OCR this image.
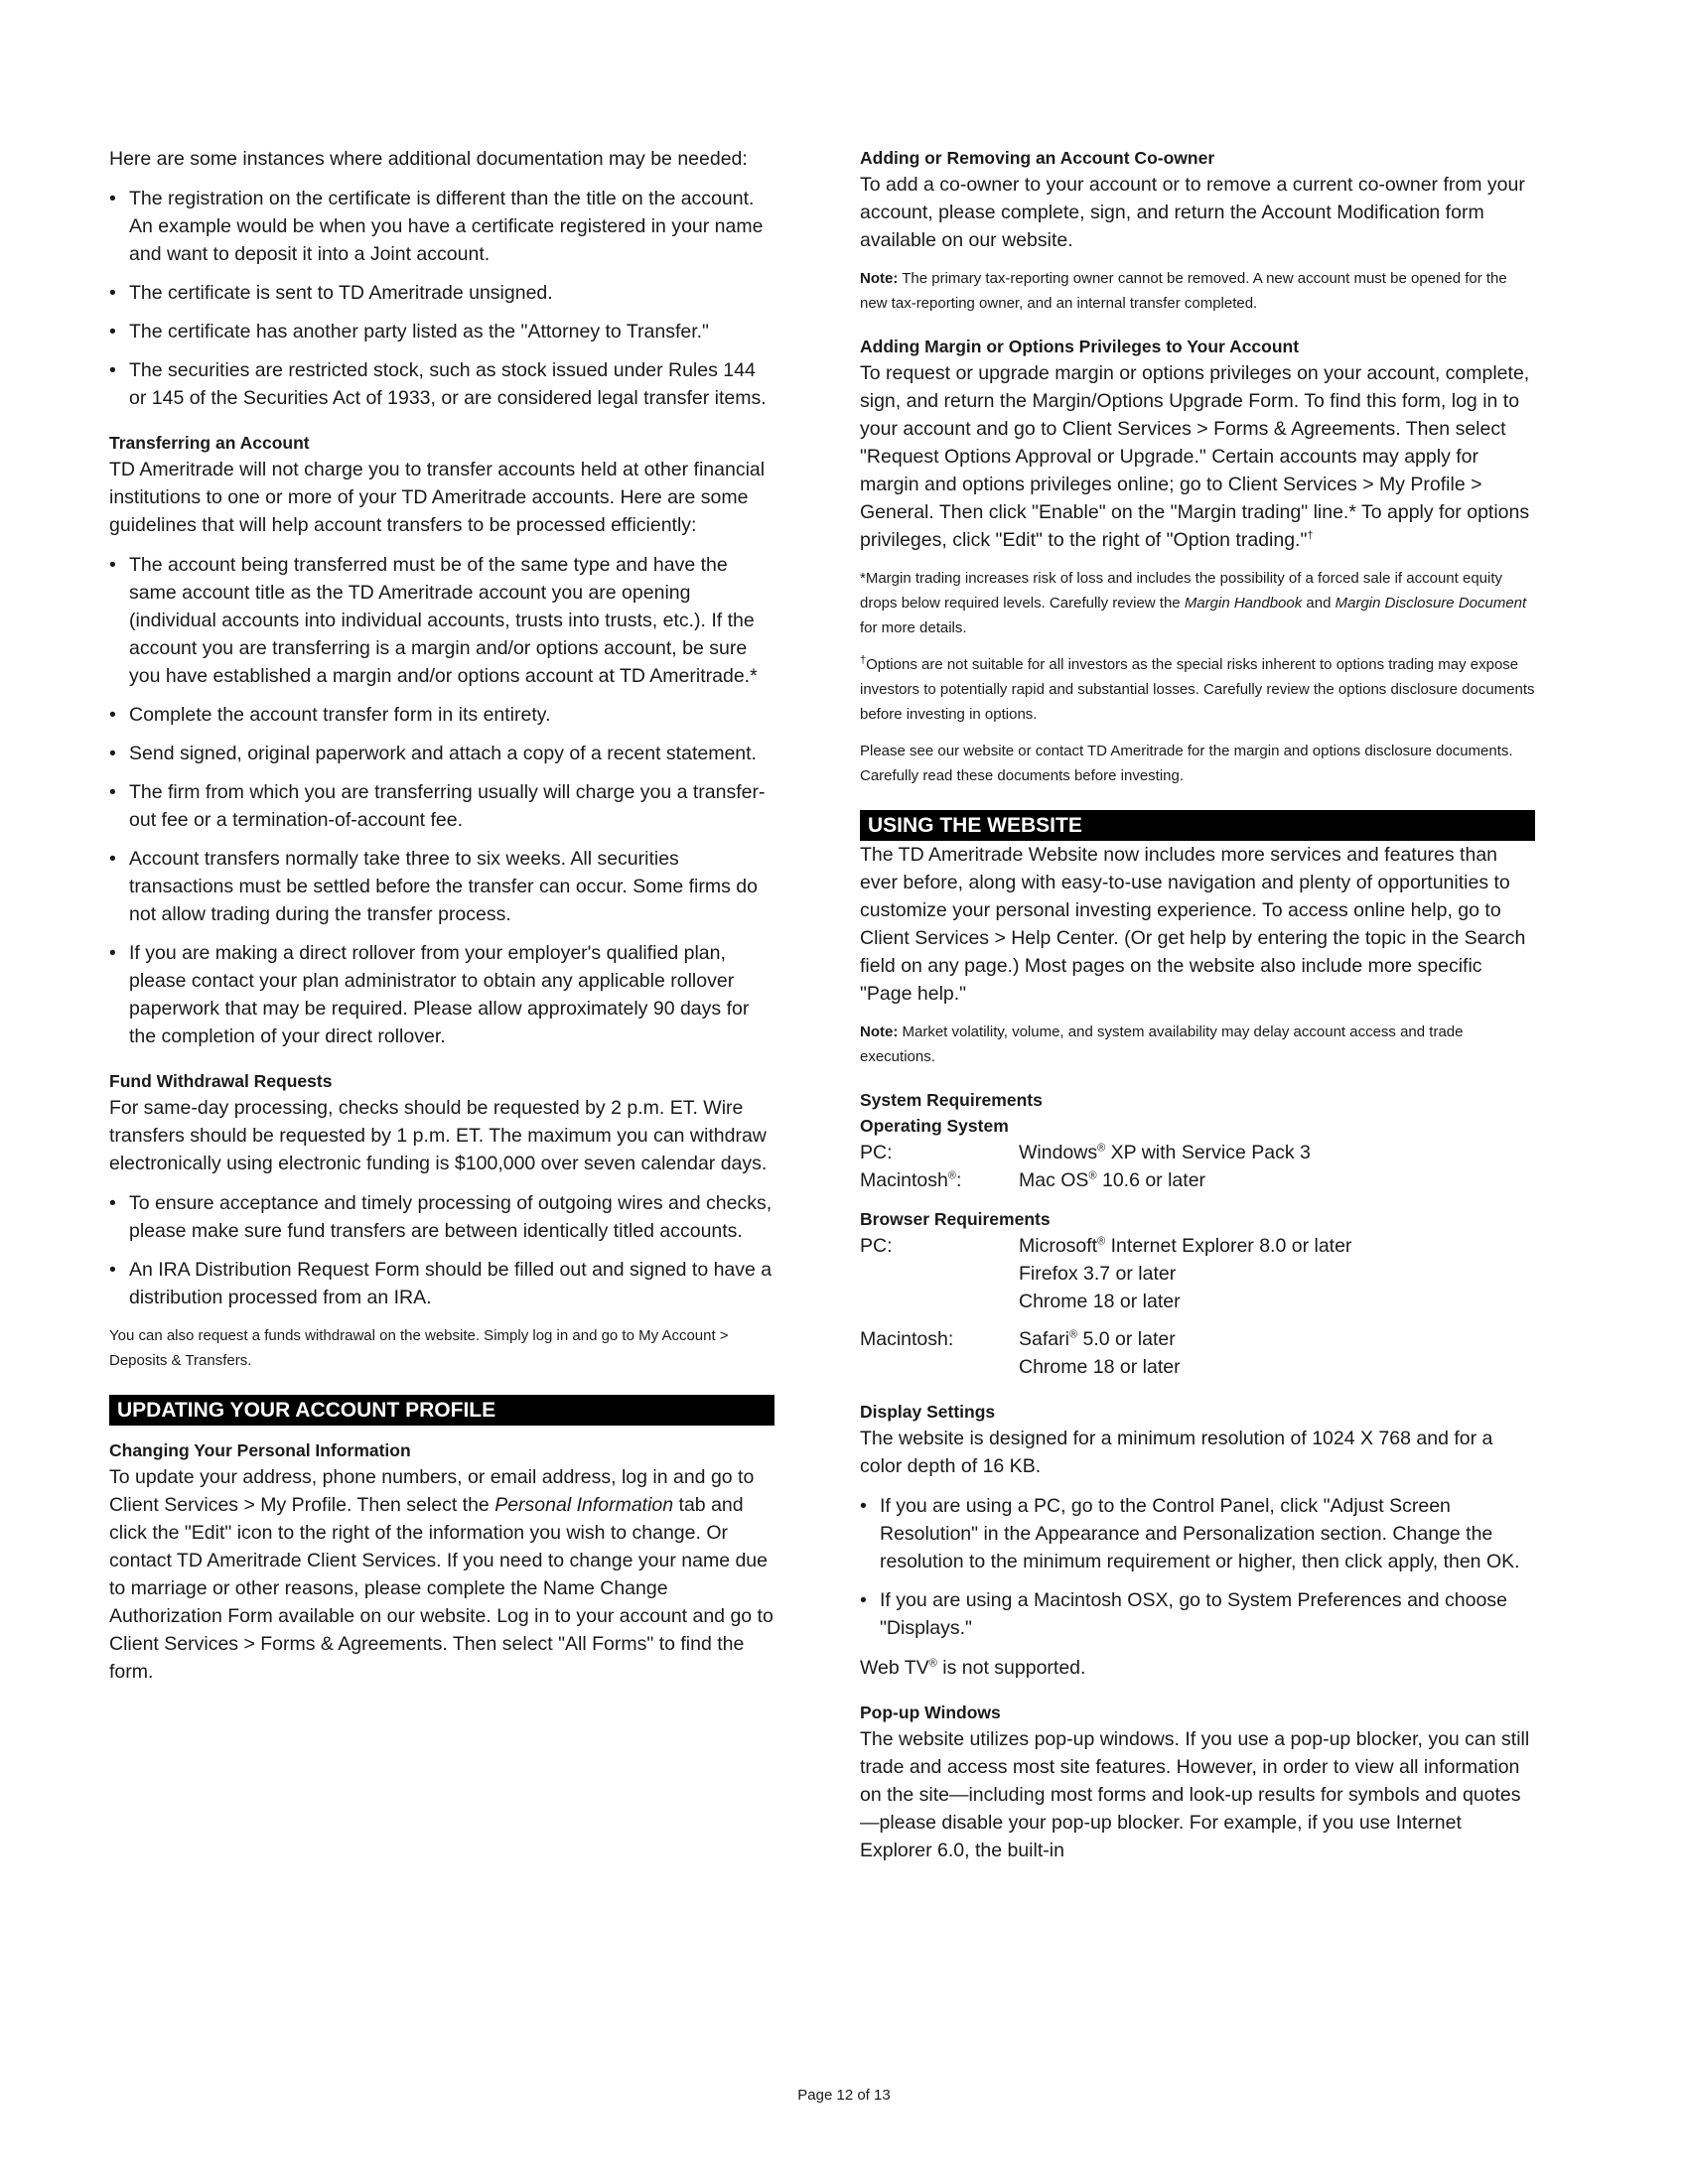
Here are some instances where additional documentation may be needed:

• The registration on the certificate is different than the title on the account. An example would be when you have a certificate registered in your name and want to deposit it into a Joint account.
• The certificate is sent to TD Ameritrade unsigned.
• The certificate has another party listed as the "Attorney to Transfer."
• The securities are restricted stock, such as stock issued under Rules 144 or 145 of the Securities Act of 1933, or are considered legal transfer items.

Transferring an Account

TD Ameritrade will not charge you to transfer accounts held at other financial institutions to one or more of your TD Ameritrade accounts. Here are some guidelines that will help account transfers to be processed efficiently:

• The account being transferred must be of the same type and have the same account title as the TD Ameritrade account you are opening (individual accounts into individual accounts, trusts into trusts, etc.). If the account you are transferring is a margin and/or options account, be sure you have established a margin and/or options account at TD Ameritrade.*
• Complete the account transfer form in its entirety.
• Send signed, original paperwork and attach a copy of a recent statement.
• The firm from which you are transferring usually will charge you a transfer-out fee or a termination-of-account fee.
• Account transfers normally take three to six weeks. All securities transactions must be settled before the transfer can occur. Some firms do not allow trading during the transfer process.
• If you are making a direct rollover from your employer's qualified plan, please contact your plan administrator to obtain any applicable rollover paperwork that may be required. Please allow approximately 90 days for the completion of your direct rollover.

Fund Withdrawal Requests

For same-day processing, checks should be requested by 2 p.m. ET. Wire transfers should be requested by 1 p.m. ET. The maximum you can withdraw electronically using electronic funding is $100,000 over seven calendar days.

• To ensure acceptance and timely processing of outgoing wires and checks, please make sure fund transfers are between identically titled accounts.
• An IRA Distribution Request Form should be filled out and signed to have a distribution processed from an IRA.

You can also request a funds withdrawal on the website. Simply log in and go to My Account > Deposits & Transfers.

UPDATING YOUR ACCOUNT PROFILE

Changing Your Personal Information

To update your address, phone numbers, or email address, log in and go to Client Services > My Profile. Then select the Personal Information tab and click the "Edit" icon to the right of the information you wish to change. Or contact TD Ameritrade Client Services. If you need to change your name due to marriage or other reasons, please complete the Name Change Authorization Form available on our website. Log in to your account and go to Client Services > Forms & Agreements. Then select "All Forms" to find the form.

Adding or Removing an Account Co-owner

To add a co-owner to your account or to remove a current co-owner from your account, please complete, sign, and return the Account Modification form available on our website.

Note: The primary tax-reporting owner cannot be removed. A new account must be opened for the new tax-reporting owner, and an internal transfer completed.

Adding Margin or Options Privileges to Your Account

To request or upgrade margin or options privileges on your account, complete, sign, and return the Margin/Options Upgrade Form. To find this form, log in to your account and go to Client Services > Forms & Agreements. Then select "Request Options Approval or Upgrade." Certain accounts may apply for margin and options privileges online; go to Client Services > My Profile > General. Then click "Enable" on the "Margin trading" line.* To apply for options privileges, click "Edit" to the right of "Option trading."†

*Margin trading increases risk of loss and includes the possibility of a forced sale if account equity drops below required levels. Carefully review the Margin Handbook and Margin Disclosure Document for more details.

†Options are not suitable for all investors as the special risks inherent to options trading may expose investors to potentially rapid and substantial losses. Carefully review the options disclosure documents before investing in options.

Please see our website or contact TD Ameritrade for the margin and options disclosure documents. Carefully read these documents before investing.

USING THE WEBSITE

The TD Ameritrade Website now includes more services and features than ever before, along with easy-to-use navigation and plenty of opportunities to customize your personal investing experience. To access online help, go to Client Services > Help Center. (Or get help by entering the topic in the Search field on any page.) Most pages on the website also include more specific "Page help."

Note: Market volatility, volume, and system availability may delay account access and trade executions.

System Requirements

Operating System

PC:	Windows® XP with Service Pack 3
Macintosh®:	Mac OS® 10.6 or later

Browser Requirements

PC:	Microsoft® Internet Explorer 8.0 or later
Firefox 3.7 or later
Chrome 18 or later
Macintosh:	Safari® 5.0 or later
Chrome 18 or later

Display Settings

The website is designed for a minimum resolution of 1024 X 768 and for a color depth of 16 KB.

• If you are using a PC, go to the Control Panel, click "Adjust Screen Resolution" in the Appearance and Personalization section. Change the resolution to the minimum requirement or higher, then click apply, then OK.
• If you are using a Macintosh OSX, go to System Preferences and choose "Displays."

Web TV® is not supported.

Pop-up Windows

The website utilizes pop-up windows. If you use a pop-up blocker, you can still trade and access most site features. However, in order to view all information on the site—including most forms and look-up results for symbols and quotes—please disable your pop-up blocker. For example, if you use Internet Explorer 6.0, the built-in

Page 12 of 13
